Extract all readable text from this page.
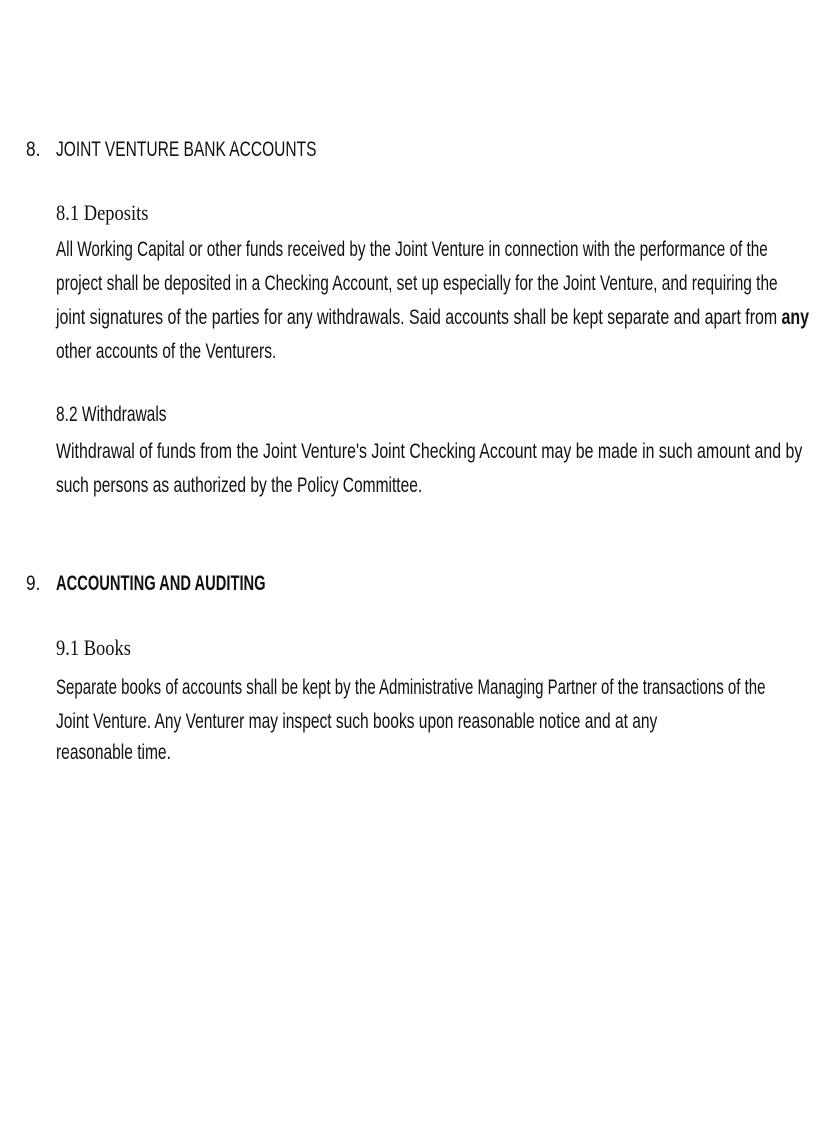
8. JOINT VENTURE BANK ACCOUNTS
8.1 Deposits
All Working Capital or other funds received by the Joint Venture in connection with the performance of the
project shall be deposited in a Checking Account, set up especially for the Joint Venture, and requiring the
joint signatures of the parties for any withdrawals. Said accounts shall be kept separate and apart from any
other accounts of the Venturers.
8.2 Withdrawals
Withdrawal of funds from the Joint Venture's Joint Checking Account may be made in such amount and by
such persons as authorized by the Policy Committee.
9. ACCOUNTING AND AUDITING
9.1 Books
Separate books of accounts shall be kept by the Administrative Managing Partner of the transactions of the
Joint Venture. Any Venturer may inspect such books upon reasonable notice and at any
reasonable time.
